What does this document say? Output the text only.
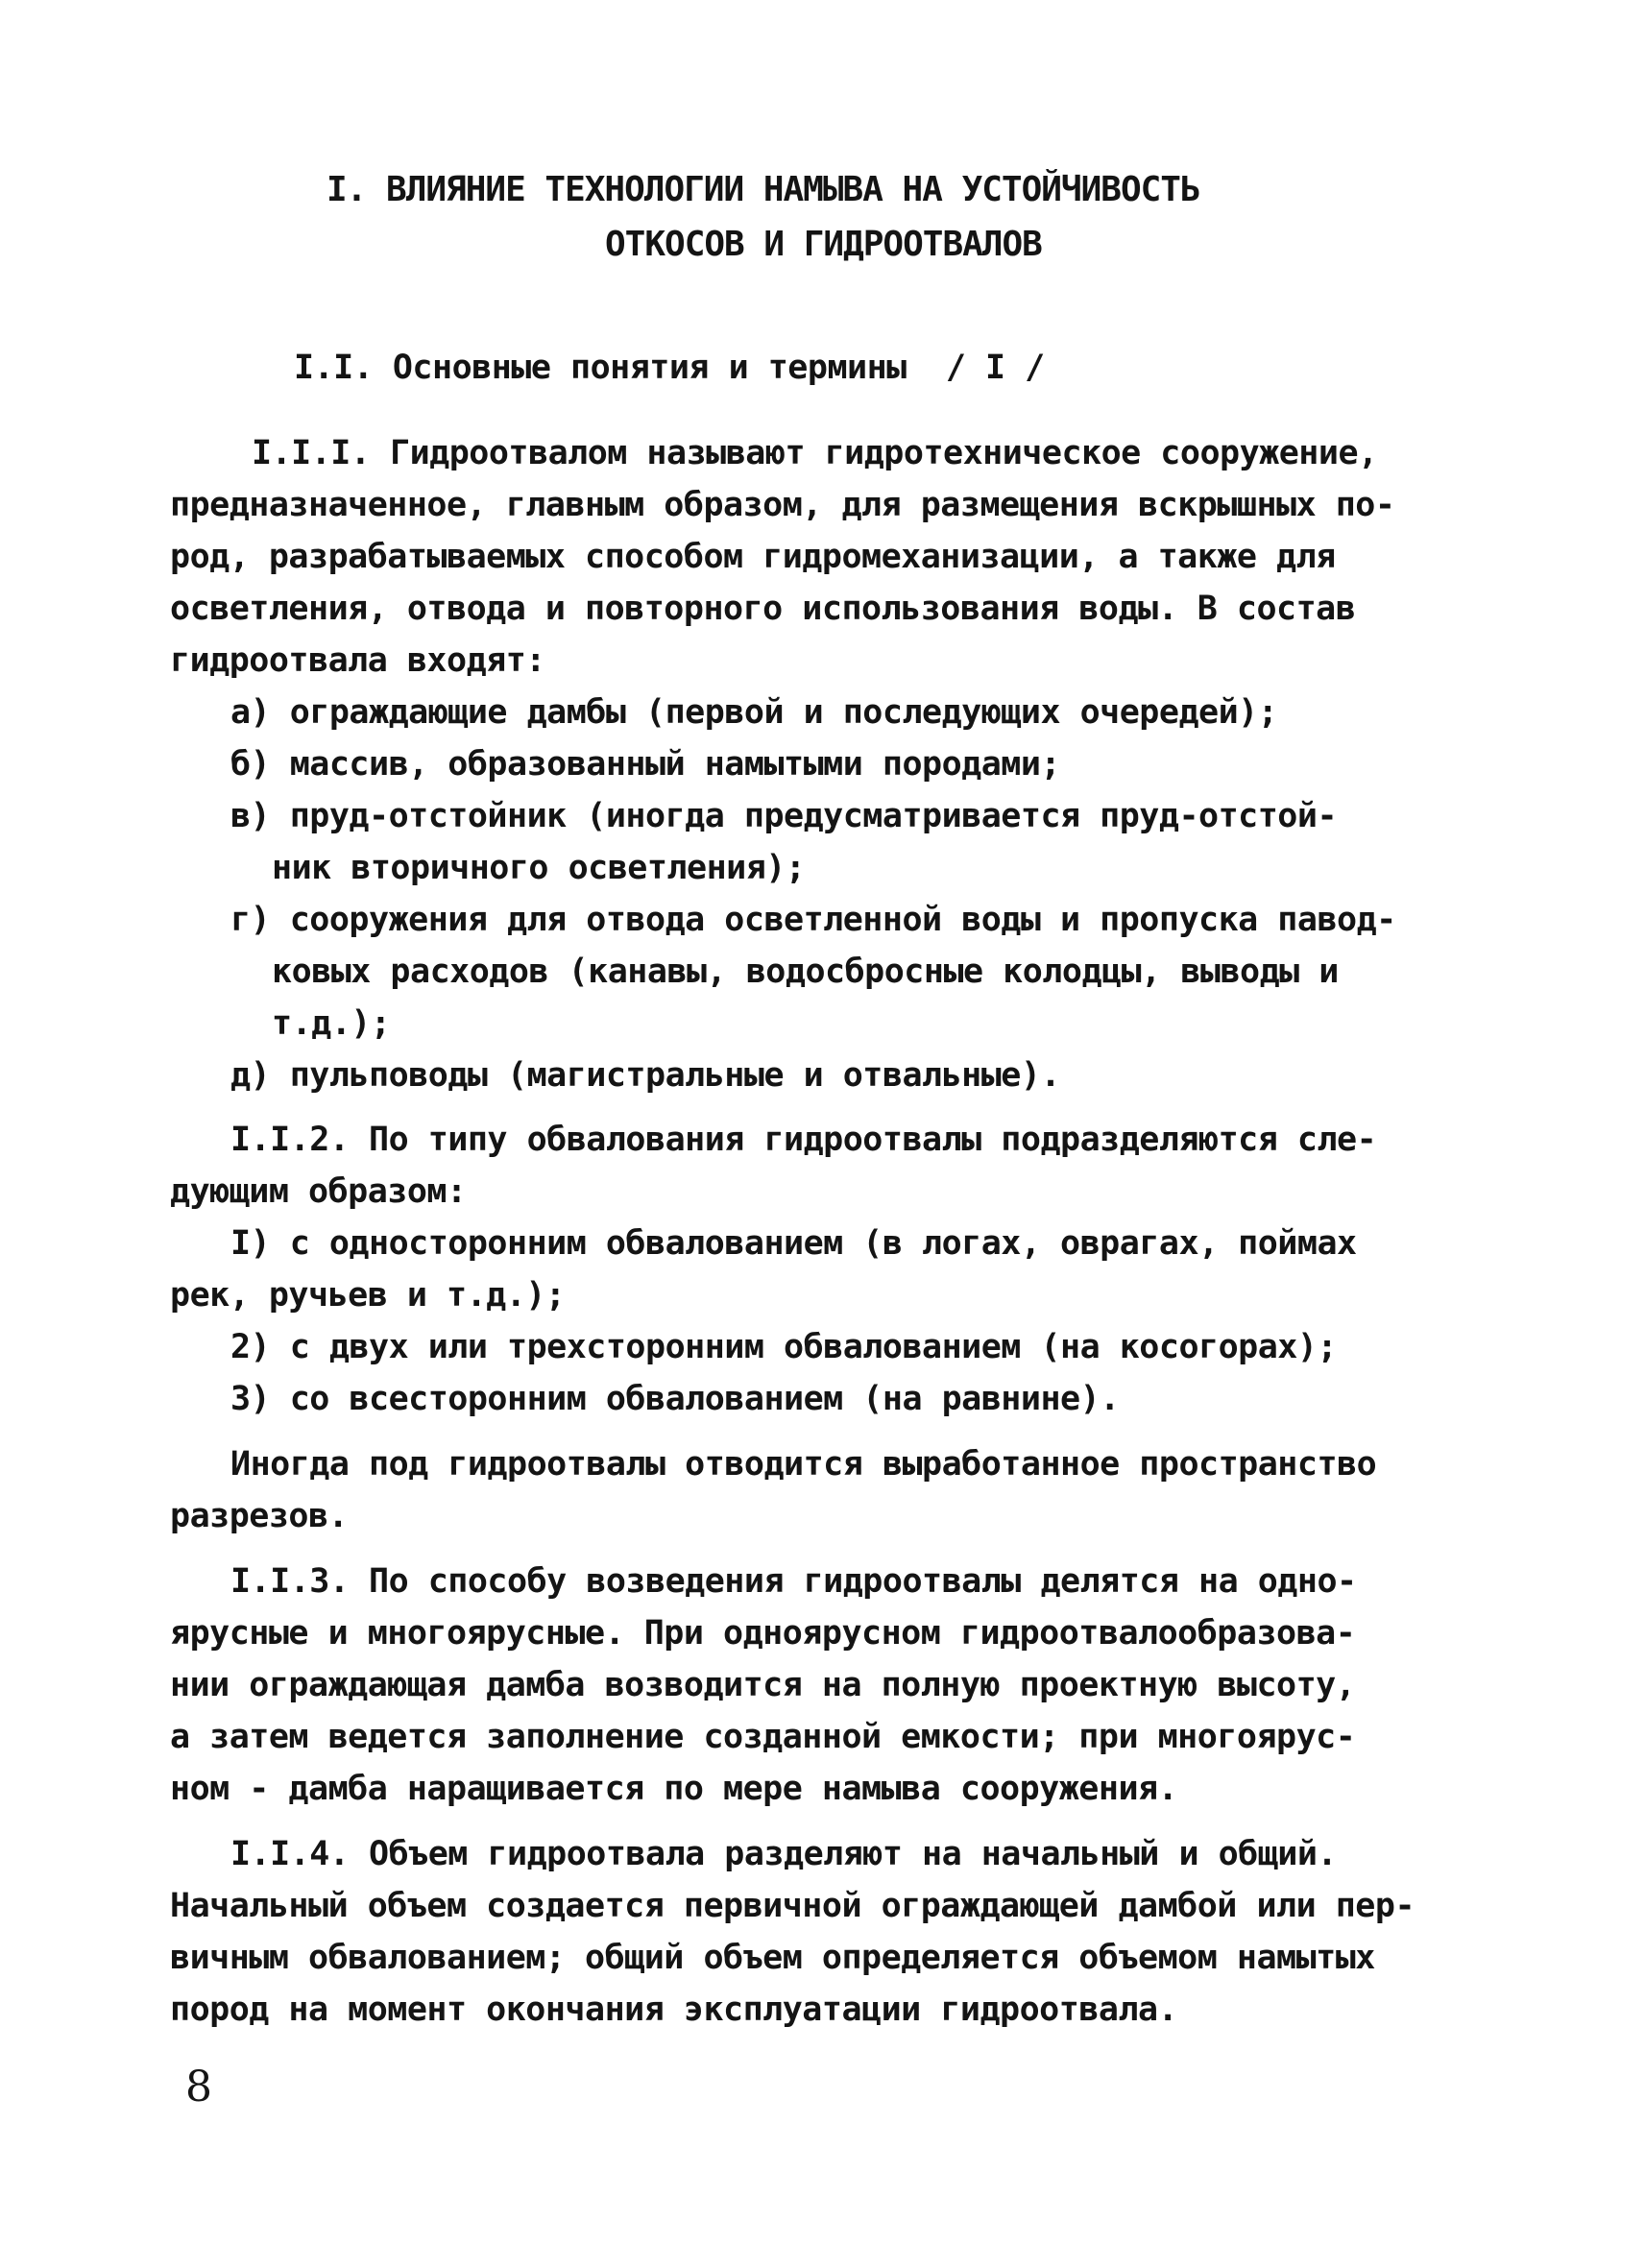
I. ВЛИЯНИЕ ТЕХНОЛОГИИ НАМЫВА НА УСТОЙЧИВОСТЬ
ОТКОСОВ И ГИДРООТВАЛОВ
I.I. Основные понятия и термины  / I /
I.I.I. Гидроотвалом называют гидротехническое сооружение,
предназначенное, главным образом, для размещения вскрышных по-
род, разрабатываемых способом гидромеханизации, а также для
осветления, отвода и повторного использования воды. В состав
гидроотвала входят:
а) ограждающие дамбы (первой и последующих очередей);
б) массив, образованный намытыми породами;
в) пруд-отстойник (иногда предусматривается пруд-отстой-
ник вторичного осветления);
г) сооружения для отвода осветленной воды и пропуска павод-
ковых расходов (канавы, водосбросные колодцы, выводы и
т.д.);
д) пульповоды (магистральные и отвальные).
I.I.2. По типу обвалования гидроотвалы подразделяются сле-
дующим образом:
I) с односторонним обвалованием (в логах, оврагах, поймах
рек, ручьев и т.д.);
2) с двух или трехсторонним обвалованием (на косогорах);
3) со всесторонним обвалованием (на равнине).
Иногда под гидроотвалы отводится выработанное пространство
разрезов.
I.I.3. По способу возведения гидроотвалы делятся на одно-
ярусные и многоярусные. При одноярусном гидроотвалообразова-
нии ограждающая дамба возводится на полную проектную высоту,
а затем ведется заполнение созданной емкости; при многоярус-
ном - дамба наращивается по мере намыва сооружения.
I.I.4. Объем гидроотвала разделяют на начальный и общий.
Начальный объем создается первичной ограждающей дамбой или пер-
вичным обвалованием; общий объем определяется объемом намытых
пород на момент окончания эксплуатации гидроотвала.
8
